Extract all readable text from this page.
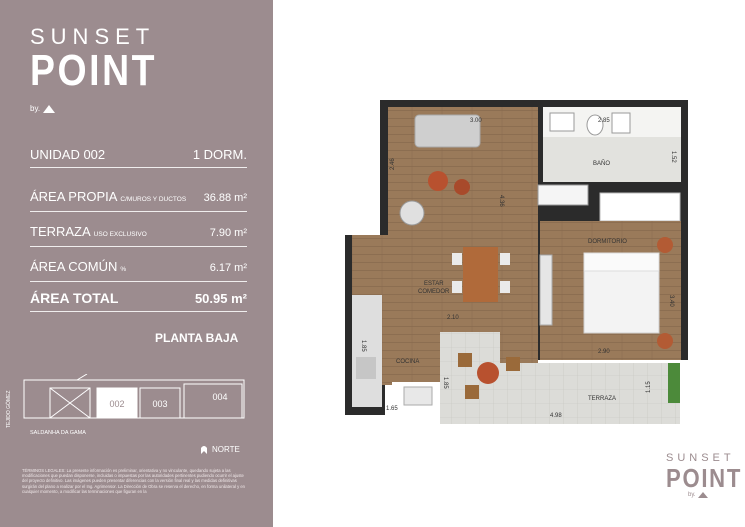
SUNSET
POINT
by.
UNIDAD 002	1 DORM.
ÁREA PROPIA C/MUROS Y DUCTOS 36.88 m²
TERRAZA USO EXCLUSIVO	7.90 m²
ÁREA COMÚN %	6.17 m²
ÁREA TOTAL	50.95 m²
PLANTA BAJA
TEJIDO GÓMEZ	002	003
004
SALDANHA DA GAMA
NORTE
TÉRMINOS LEGALES: La presente información es preliminar, orientativa y no vinculante, quedando sujeta a las modificaciones que puedan disponerse, incluidas o impuestas por las autoridades pertinentes pudiendo ocurrir el ajuste del proyecto definitivo. Las imágenes pueden presentar diferencias con la versión final real y las medidas definitivas surgirán del plano a realizar por el Ing. Agrimensor. La Dirección de Obra se reserva el derecho, en forma unilateral y en cualquier momento, a modificar las terminaciones que figuran en la
3.00	2.85
1.52
2.46
4.36
2.10
3.40
2.90
1.85
1.85
1.65
4.98
1.15
BAÑO
DORMITORIO
COCINA
TERRAZA
ESTAR COMEDOR
SUNSET
POINT
by.
